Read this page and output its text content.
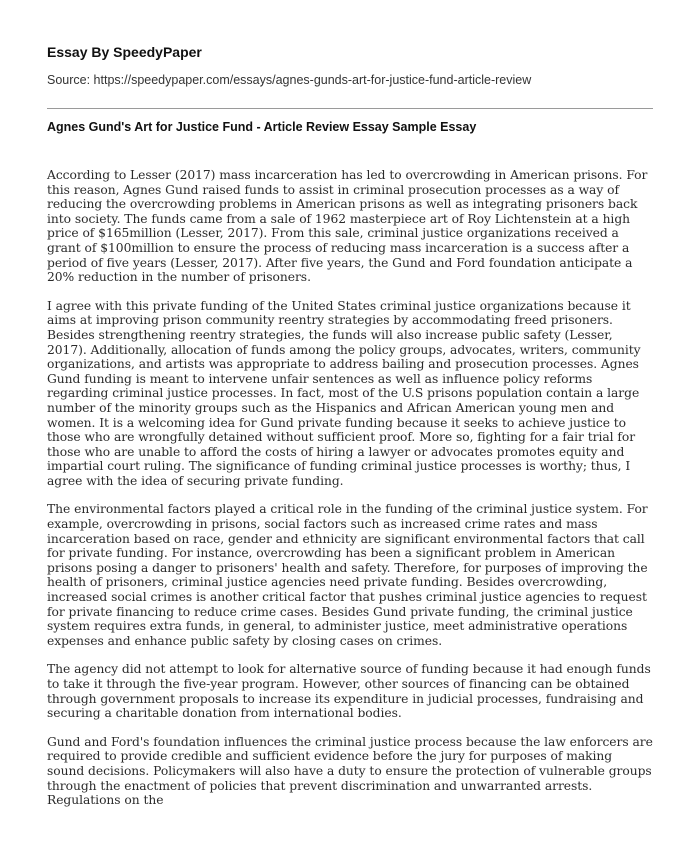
Essay By SpeedyPaper
Source: https://speedypaper.com/essays/agnes-gunds-art-for-justice-fund-article-review
Agnes Gund's Art for Justice Fund - Article Review Essay Sample Essay

According to Lesser (2017) mass incarceration has led to overcrowding in American prisons. For this reason, Agnes Gund raised funds to assist in criminal prosecution processes as a way of reducing the overcrowding problems in American prisons as well as integrating prisoners back into society. The funds came from a sale of 1962 masterpiece art of Roy Lichtenstein at a high price of $165million (Lesser, 2017). From this sale, criminal justice organizations received a grant of $100million to ensure the process of reducing mass incarceration is a success after a period of five years (Lesser, 2017). After five years, the Gund and Ford foundation anticipate a 20% reduction in the number of prisoners.

I agree with this private funding of the United States criminal justice organizations because it aims at improving prison community reentry strategies by accommodating freed prisoners. Besides strengthening reentry strategies, the funds will also increase public safety (Lesser, 2017). Additionally, allocation of funds among the policy groups, advocates, writers, community organizations, and artists was appropriate to address bailing and prosecution processes. Agnes Gund funding is meant to intervene unfair sentences as well as influence policy reforms regarding criminal justice processes. In fact, most of the U.S prisons population contain a large number of the minority groups such as the Hispanics and African American young men and women. It is a welcoming idea for Gund private funding because it seeks to achieve justice to those who are wrongfully detained without sufficient proof. More so, fighting for a fair trial for those who are unable to afford the costs of hiring a lawyer or advocates promotes equity and impartial court ruling. The significance of funding criminal justice processes is worthy; thus, I agree with the idea of securing private funding.

The environmental factors played a critical role in the funding of the criminal justice system. For example, overcrowding in prisons, social factors such as increased crime rates and mass incarceration based on race, gender and ethnicity are significant environmental factors that call for private funding. For instance, overcrowding has been a significant problem in American prisons posing a danger to prisoners' health and safety. Therefore, for purposes of improving the health of prisoners, criminal justice agencies need private funding. Besides overcrowding, increased social crimes is another critical factor that pushes criminal justice agencies to request for private financing to reduce crime cases. Besides Gund private funding, the criminal justice system requires extra funds, in general, to administer justice, meet administrative operations expenses and enhance public safety by closing cases on crimes.

The agency did not attempt to look for alternative source of funding because it had enough funds to take it through the five-year program. However, other sources of financing can be obtained through government proposals to increase its expenditure in judicial processes, fundraising and securing a charitable donation from international bodies.

Gund and Ford's foundation influences the criminal justice process because the law enforcers are required to provide credible and sufficient evidence before the jury for purposes of making sound decisions. Policymakers will also have a duty to ensure the protection of vulnerable groups through the enactment of policies that prevent discrimination and unwarranted arrests. Regulations on the
